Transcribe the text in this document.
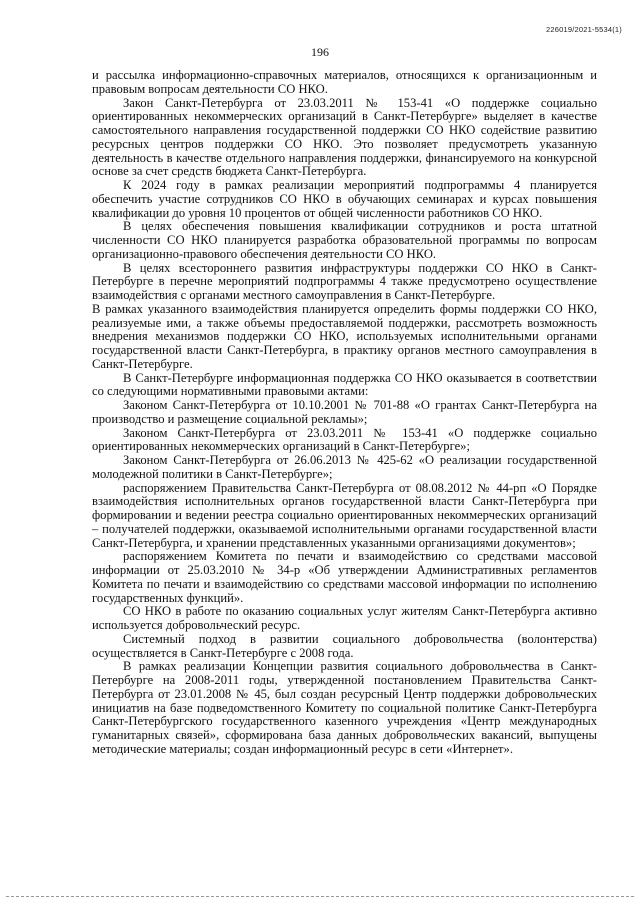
226019/2021-5534(1)
196

и рассылка информационно-справочных материалов, относящихся к организационным и правовым вопросам деятельности СО НКО.

Закон Санкт-Петербурга от 23.03.2011 № 153-41 «О поддержке социально ориентированных некоммерческих организаций в Санкт-Петербурге» выделяет в качестве самостоятельного направления государственной поддержки СО НКО содействие развитию ресурсных центров поддержки СО НКО. Это позволяет предусмотреть указанную деятельность в качестве отдельного направления поддержки, финансируемого на конкурсной основе за счет средств бюджета Санкт-Петербурга.

К 2024 году в рамках реализации мероприятий подпрограммы 4 планируется обеспечить участие сотрудников СО НКО в обучающих семинарах и курсах повышения квалификации до уровня 10 процентов от общей численности работников СО НКО.

В целях обеспечения повышения квалификации сотрудников и роста штатной численности СО НКО планируется разработка образовательной программы по вопросам организационно-правового обеспечения деятельности СО НКО.

В целях всестороннего развития инфраструктуры поддержки СО НКО в Санкт-Петербурге в перечне мероприятий подпрограммы 4 также предусмотрено осуществление взаимодействия с органами местного самоуправления в Санкт-Петербурге.

В рамках указанного взаимодействия планируется определить формы поддержки СО НКО, реализуемые ими, а также объемы предоставляемой поддержки, рассмотреть возможность внедрения механизмов поддержки СО НКО, используемых исполнительными органами государственной власти Санкт-Петербурга, в практику органов местного самоуправления в Санкт-Петербурге.

В Санкт-Петербурге информационная поддержка СО НКО оказывается в соответствии со следующими нормативными правовыми актами:

Законом Санкт-Петербурга от 10.10.2001 № 701-88 «О грантах Санкт-Петербурга на производство и размещение социальной рекламы»;

Законом Санкт-Петербурга от 23.03.2011 № 153-41 «О поддержке социально ориентированных некоммерческих организаций в Санкт-Петербурге»;

Законом Санкт-Петербурга от 26.06.2013 № 425-62 «О реализации государственной молодежной политики в Санкт-Петербурге»;

распоряжением Правительства Санкт-Петербурга от 08.08.2012 № 44-рп «О Порядке взаимодействия исполнительных органов государственной власти Санкт-Петербурга при формировании и ведении реестра социально ориентированных некоммерческих организаций – получателей поддержки, оказываемой исполнительными органами государственной власти Санкт-Петербурга, и хранении представленных указанными организациями документов»;

распоряжением Комитета по печати и взаимодействию со средствами массовой информации от 25.03.2010 № 34-р «Об утверждении Административных регламентов Комитета по печати и взаимодействию со средствами массовой информации по исполнению государственных функций».

СО НКО в работе по оказанию социальных услуг жителям Санкт-Петербурга активно используется добровольческий ресурс.

Системный подход в развитии социального добровольчества (волонтерства) осуществляется в Санкт-Петербурге с 2008 года.

В рамках реализации Концепции развития социального добровольчества в Санкт-Петербурге на 2008-2011 годы, утвержденной постановлением Правительства Санкт-Петербурга от 23.01.2008 № 45, был создан ресурсный Центр поддержки добровольческих инициатив на базе подведомственного Комитету по социальной политике Санкт-Петербурга Санкт-Петербургского государственного казенного учреждения «Центр международных гуманитарных связей», сформирована база данных добровольческих вакансий, выпущены методические материалы; создан информационный ресурс в сети «Интернет».
